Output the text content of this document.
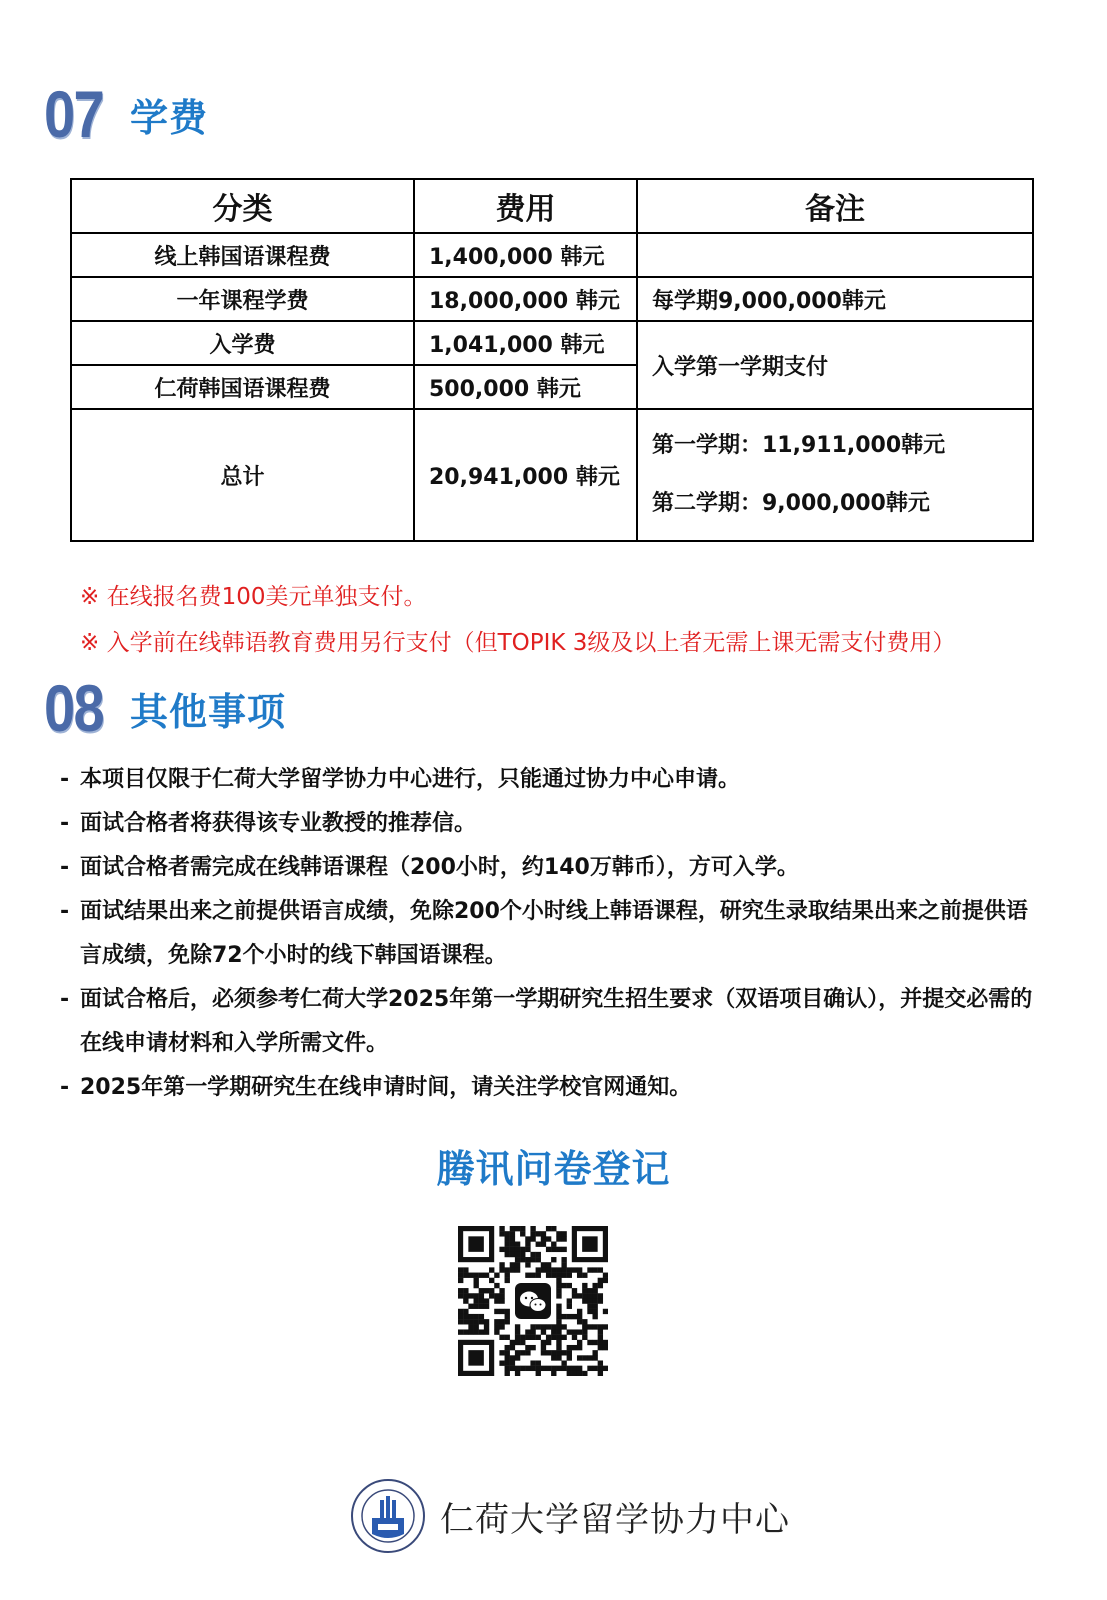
07 学费
分类	费用	备注
线上韩国语课程费	1,400,000 韩元	
一年课程学费	18,000,000 韩元	每学期9,000,000韩元
入学费	1,041,000 韩元	入学第一学期支付
仁荷韩国语课程费	500,000 韩元	
总计	20,941,000 韩元	第一学期：11,911,000韩元
第二学期：9,000,000韩元
※ 在线报名费100美元单独支付。
※ 入学前在线韩语教育费用另行支付（但TOPIK 3级及以上者无需上课无需支付费用）
08 其他事项
- 本项目仅限于仁荷大学留学协力中心进行，只能通过协力中心申请。
- 面试合格者将获得该专业教授的推荐信。
- 面试合格者需完成在线韩语课程（200小时，约140万韩币），方可入学。
- 面试结果出来之前提供语言成绩，免除200个小时线上韩语课程，研究生录取结果出来之前提供语言成绩，免除72个小时的线下韩国语课程。
- 面试合格后，必须参考仁荷大学2025年第一学期研究生招生要求（双语项目确认），并提交必需的在线申请材料和入学所需文件。
- 2025年第一学期研究生在线申请时间，请关注学校官网通知。
腾讯问卷登记
仁荷大学留学协力中心
